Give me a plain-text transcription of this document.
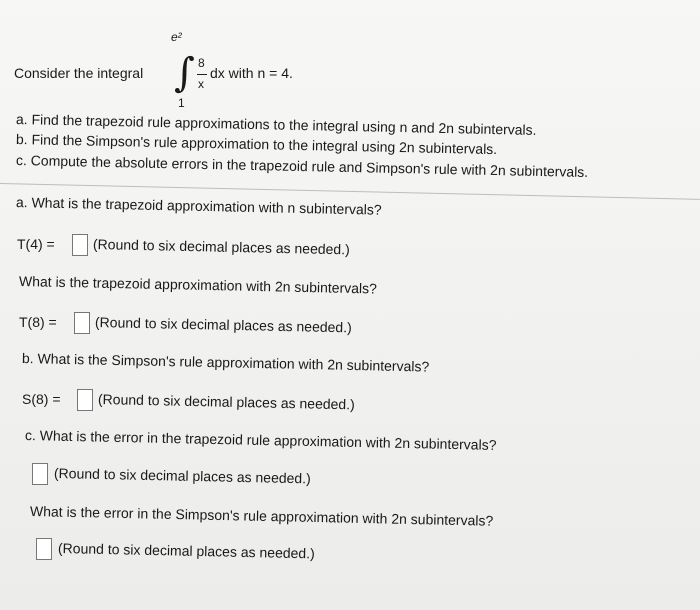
e²
Consider the integral ∫ 8
x
dx with n = 4.
1
a. Find the trapezoid rule approximations to the integral using n and 2n subintervals.
b. Find the Simpson's rule approximation to the integral using 2n subintervals.
c. Compute the absolute errors in the trapezoid rule and Simpson's rule with 2n subintervals.
a. What is the trapezoid approximation with n subintervals?
T(4) =	(Round to six decimal places as needed.)
What is the trapezoid approximation with 2n subintervals?
T(8) =	(Round to six decimal places as needed.)
b. What is the Simpson's rule approximation with 2n subintervals?
S(8) =	(Round to six decimal places as needed.)
c. What is the error in the trapezoid rule approximation with 2n subintervals?
(Round to six decimal places as needed.)
What is the error in the Simpson's rule approximation with 2n subintervals?
(Round to six decimal places as needed.)
